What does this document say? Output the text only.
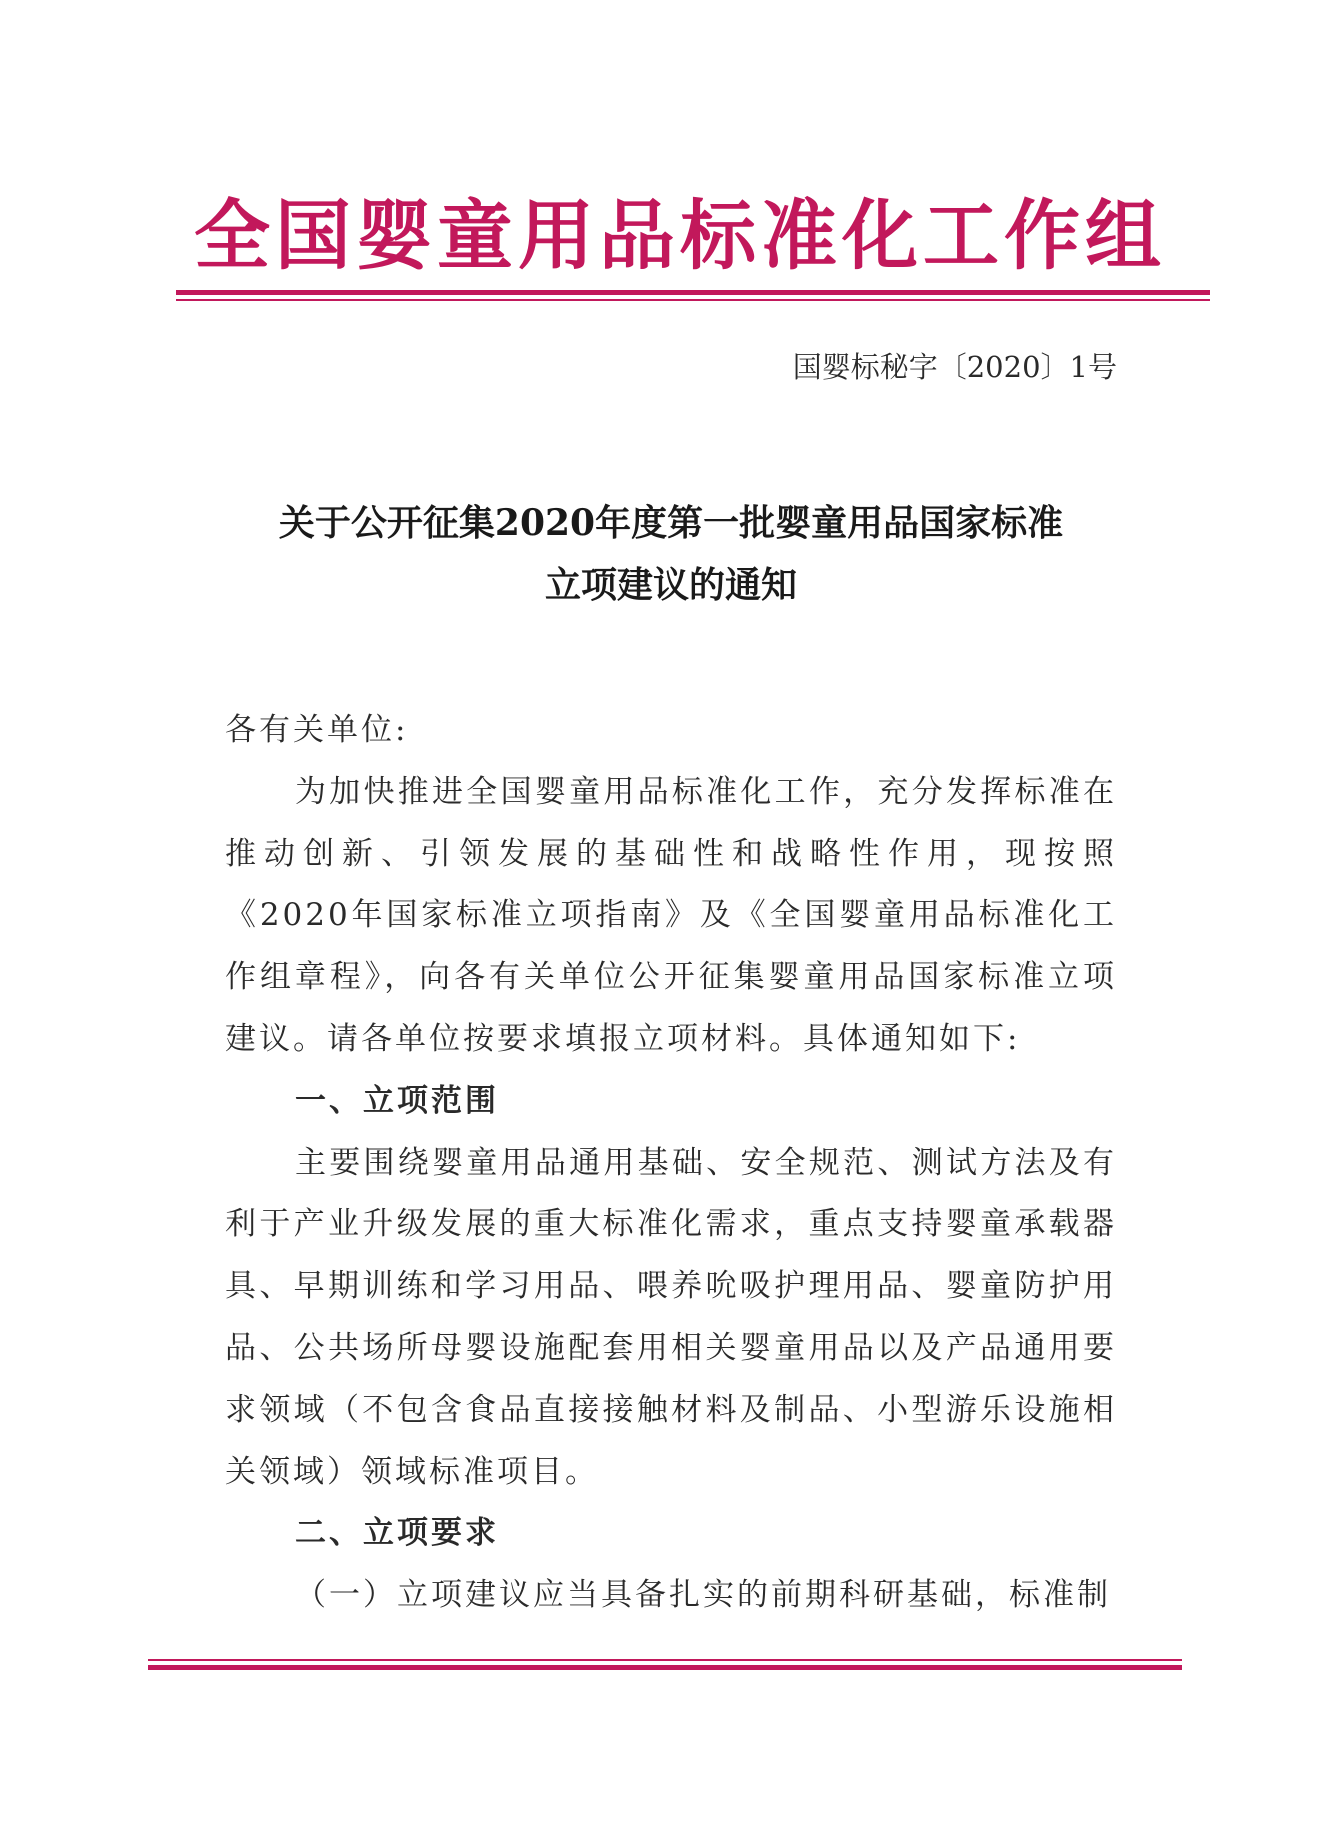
全国婴童用品标准化工作组
国婴标秘字〔2020〕1号
关于公开征集2020年度第一批婴童用品国家标准
立项建议的通知

各有关单位:

为加快推进全国婴童用品标准化工作，充分发挥标准在推动创新、引领发展的基础性和战略性作用，现按照《2020年国家标准立项指南》及《全国婴童用品标准化工作组章程》，向各有关单位公开征集婴童用品国家标准立项建议。请各单位按要求填报立项材料。具体通知如下:

一、立项范围

主要围绕婴童用品通用基础、安全规范、测试方法及有利于产业升级发展的重大标准化需求，重点支持婴童承载器具、早期训练和学习用品、喂养吮吸护理用品、婴童防护用品、公共场所母婴设施配套用相关婴童用品以及产品通用要求领域（不包含食品直接接触材料及制品、小型游乐设施相关领域）领域标准项目。

二、立项要求

（一）立项建议应当具备扎实的前期科研基础，标准制
